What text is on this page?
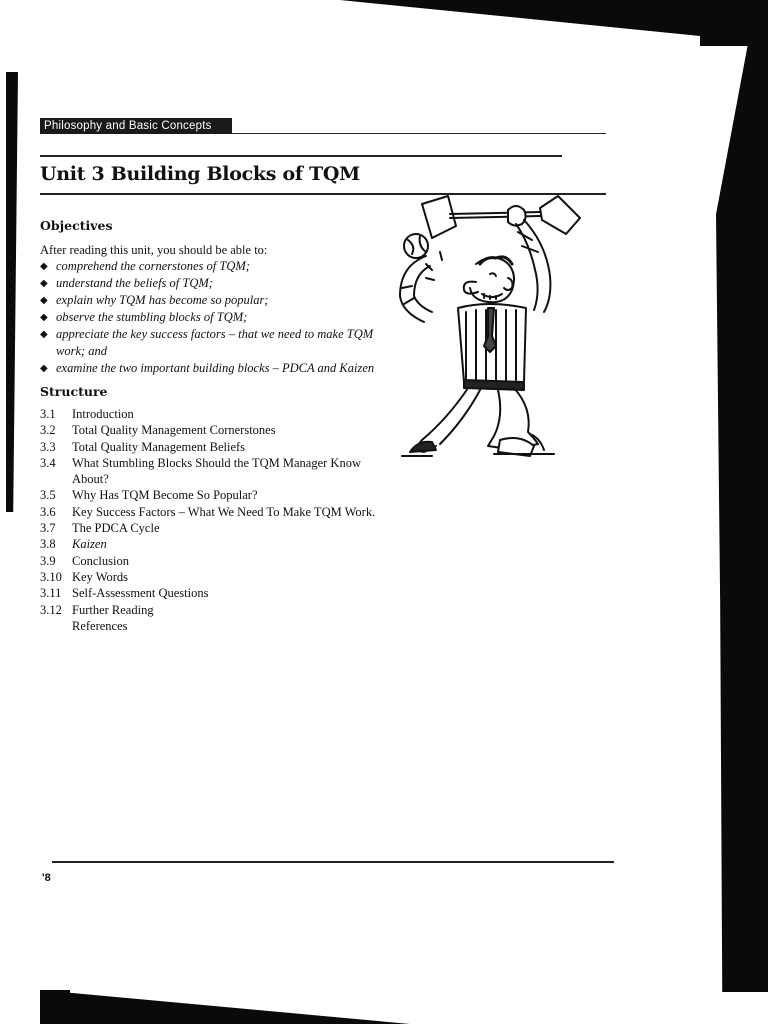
Philosophy and Basic Concepts
Unit 3 Building Blocks of TQM
Objectives
After reading this unit, you should be able to:
◆ comprehend the cornerstones of TQM;
◆ understand the beliefs of TQM;
◆ explain why TQM has become so popular;
◆ observe the stumbling blocks of TQM;
◆ appreciate the key success factors – that we need to make TQM work; and
◆ examine the two important building blocks – PDCA and Kaizen
Structure
3.1 Introduction
3.2 Total Quality Management Cornerstones
3.3 Total Quality Management Beliefs
3.4 What Stumbling Blocks Should the TQM Manager Know About?
3.5 Why Has TQM Become So Popular?
3.6 Key Success Factors – What We Need To Make TQM Work.
3.7 The PDCA Cycle
3.8 Kaizen
3.9 Conclusion
3.10 Key Words
3.11 Self-Assessment Questions
3.12 Further Reading
References
'8
